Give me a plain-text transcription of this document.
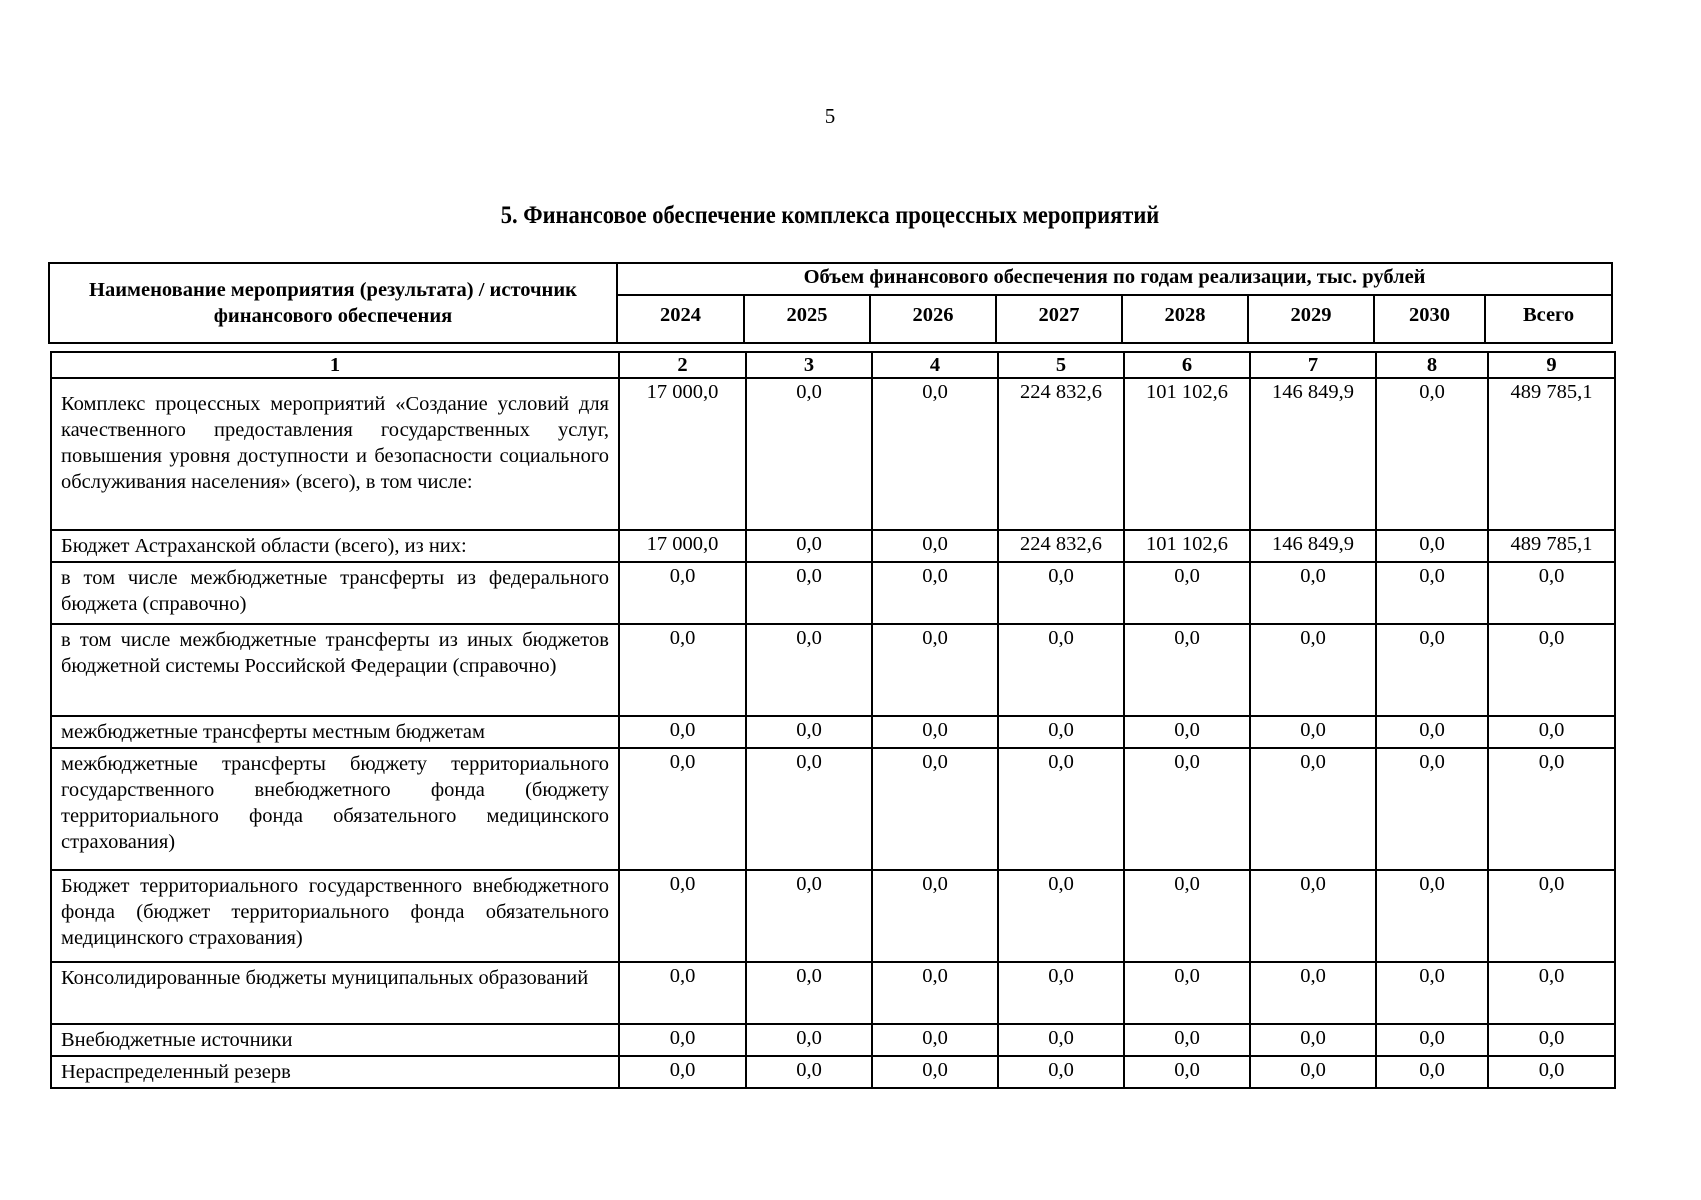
5
5. Финансовое обеспечение комплекса процессных мероприятий
Наименование мероприятия (результата) / источник финансового обеспечения	Объем финансового обеспечения по годам реализации, тыс. рублей							
	2024	2025	2026	2027	2028	2029	2030	Всего
1	2	3	4	5	6	7	8	9
Комплекс процессных мероприятий «Создание условий для качественного предоставления государственных услуг, повышения уровня доступности и безопасности социального обслуживания населения» (всего), в том числе:	17 000,0	0,0	0,0	224 832,6	101 102,6	146 849,9	0,0	489 785,1
Бюджет Астраханской области (всего), из них:	17 000,0	0,0	0,0	224 832,6	101 102,6	146 849,9	0,0	489 785,1
в том числе межбюджетные трансферты из федерального бюджета (справочно)	0,0	0,0	0,0	0,0	0,0	0,0	0,0	0,0
в том числе межбюджетные трансферты из иных бюджетов бюджетной системы Российской Федерации (справочно)	0,0	0,0	0,0	0,0	0,0	0,0	0,0	0,0
межбюджетные трансферты местным бюджетам	0,0	0,0	0,0	0,0	0,0	0,0	0,0	0,0
межбюджетные трансферты бюджету территориального государственного внебюджетного фонда (бюджету территориального фонда обязательного медицинского страхования)	0,0	0,0	0,0	0,0	0,0	0,0	0,0	0,0
Бюджет территориального государственного внебюджетного фонда (бюджет территориального фонда обязательного медицинского страхования)	0,0	0,0	0,0	0,0	0,0	0,0	0,0	0,0
Консолидированные бюджеты муниципальных образований	0,0	0,0	0,0	0,0	0,0	0,0	0,0	0,0
Внебюджетные источники	0,0	0,0	0,0	0,0	0,0	0,0	0,0	0,0
Нераспределенный резерв	0,0	0,0	0,0	0,0	0,0	0,0	0,0	0,0
